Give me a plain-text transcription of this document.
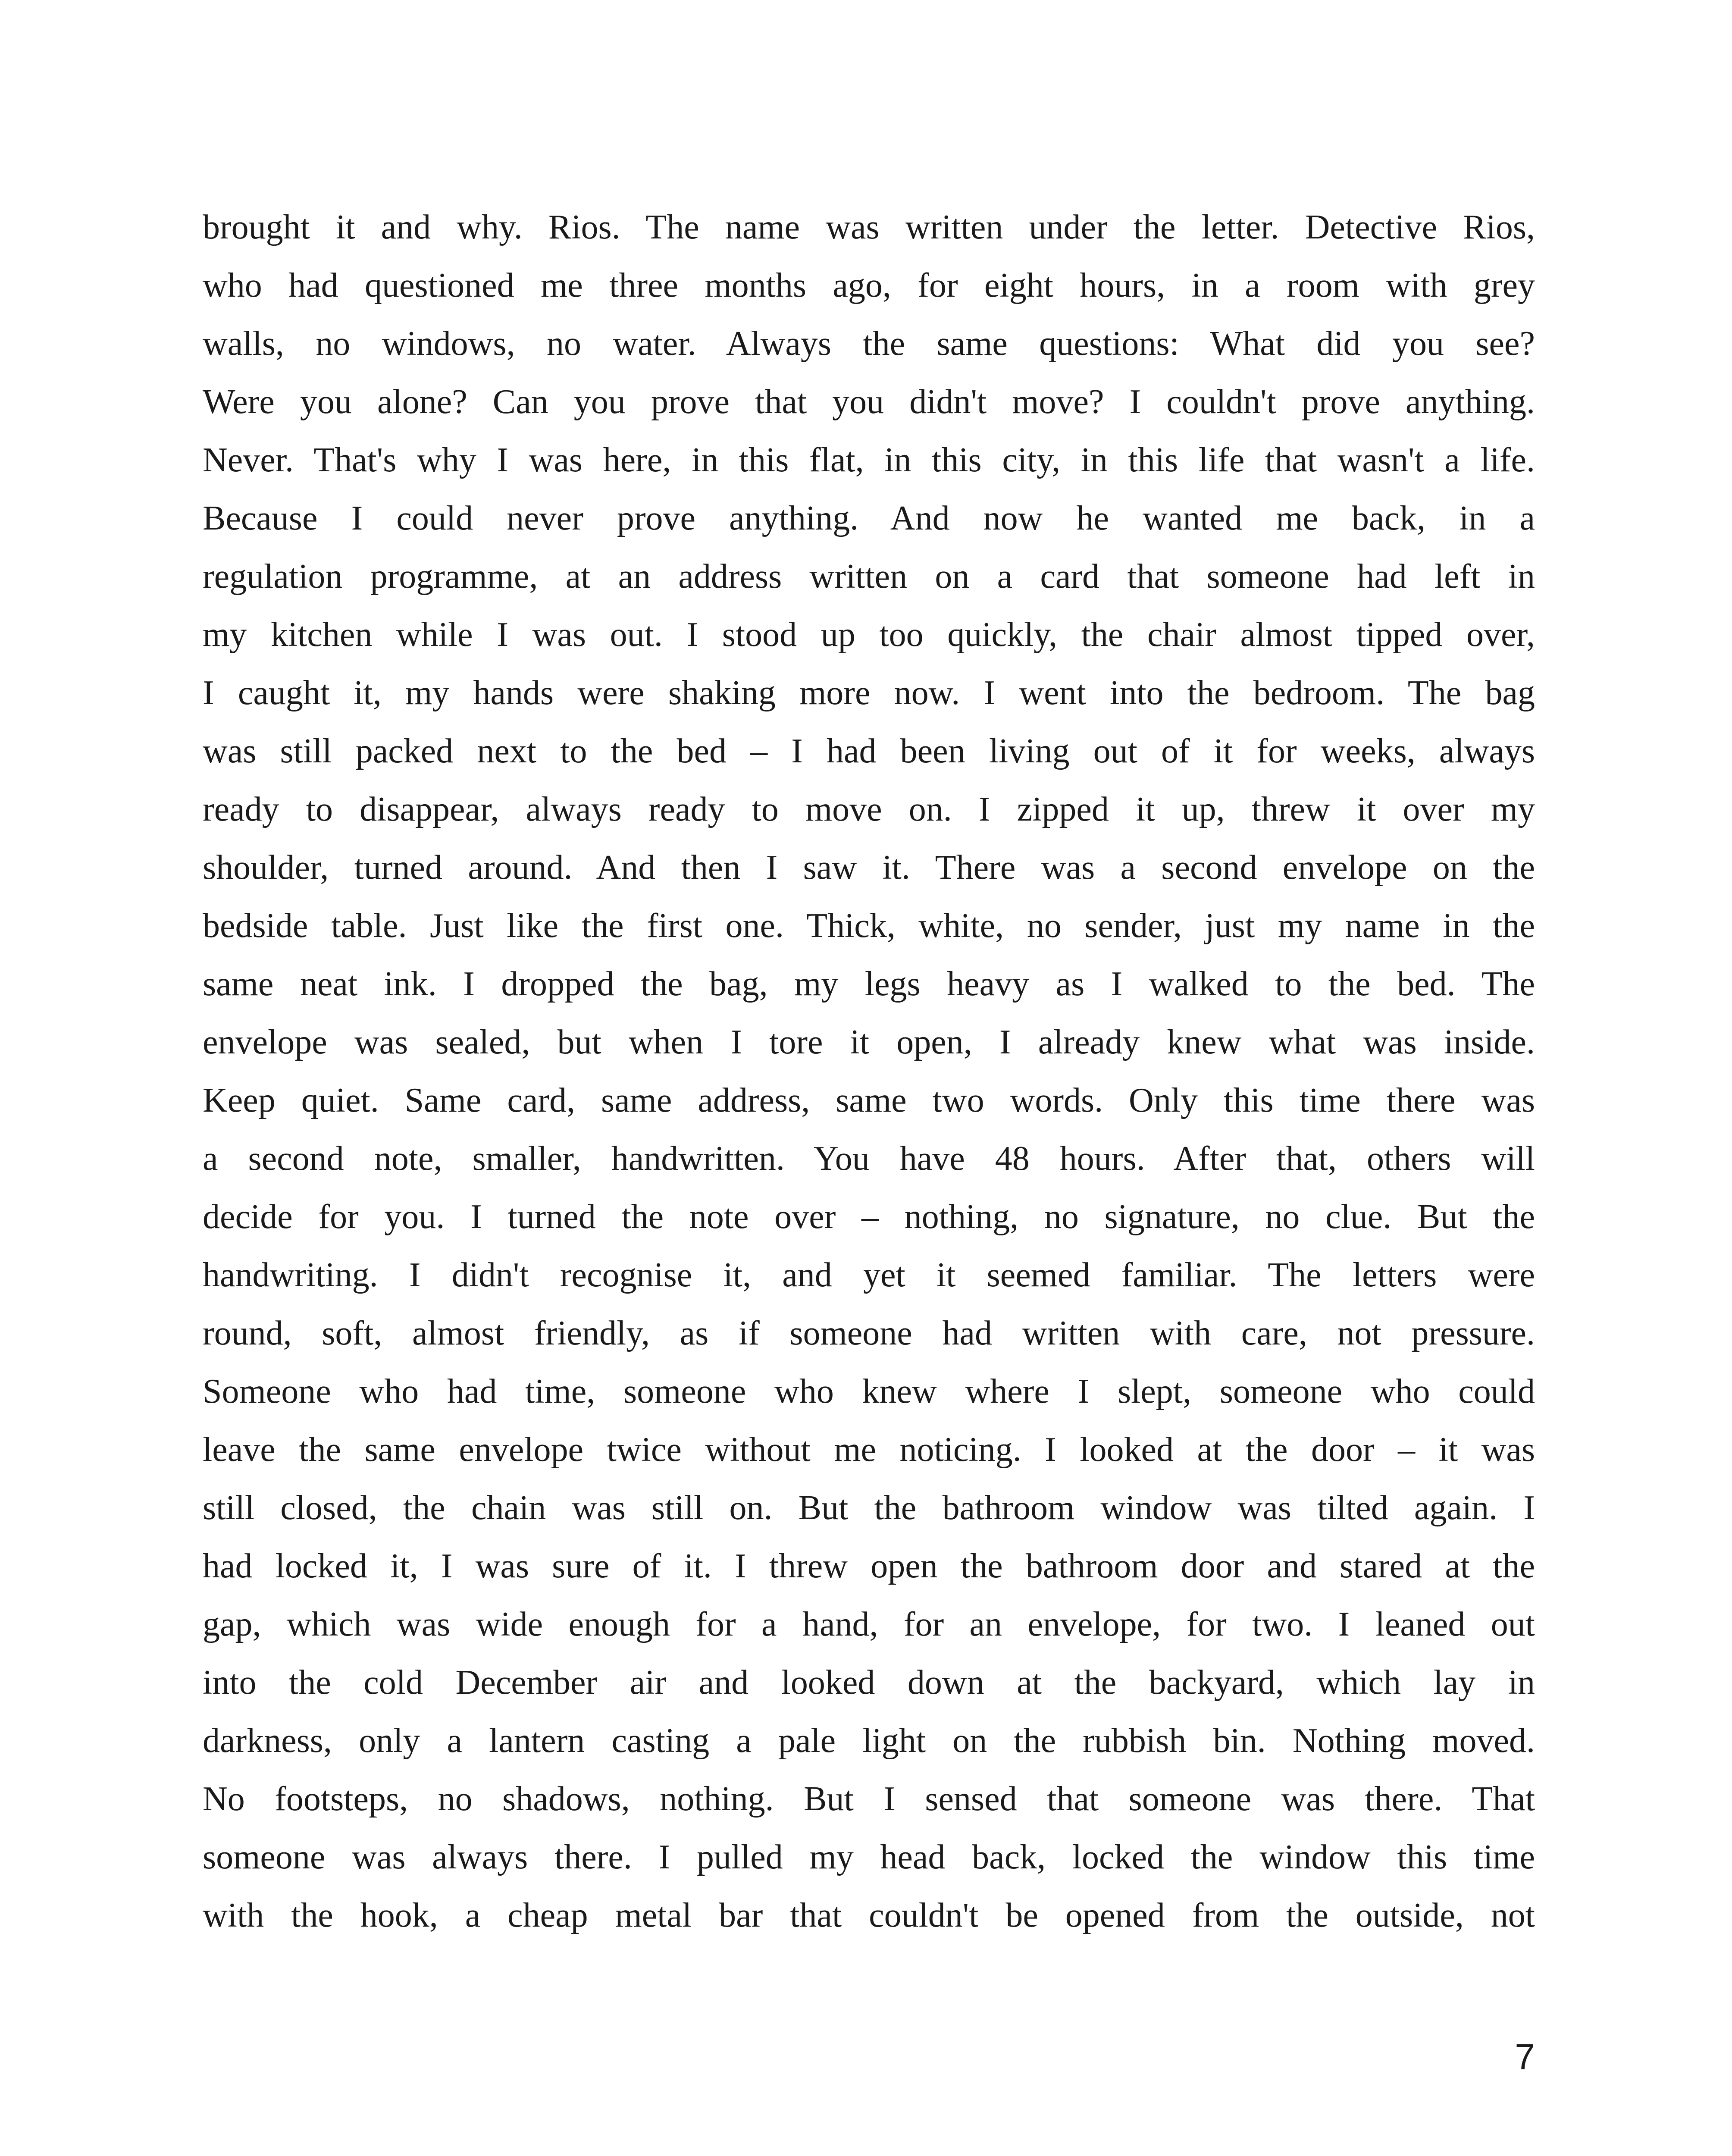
brought it and why. Rios. The name was written under the letter. Detective Rios,
who had questioned me three months ago, for eight hours, in a room with grey
walls, no windows, no water. Always the same questions: What did you see?
Were you alone? Can you prove that you didn't move? I couldn't prove anything.
Never. That's why I was here, in this flat, in this city, in this life that wasn't a life.
Because I could never prove anything. And now he wanted me back, in a
regulation programme, at an address written on a card that someone had left in
my kitchen while I was out. I stood up too quickly, the chair almost tipped over,
I caught it, my hands were shaking more now. I went into the bedroom. The bag
was still packed next to the bed – I had been living out of it for weeks, always
ready to disappear, always ready to move on. I zipped it up, threw it over my
shoulder, turned around. And then I saw it. There was a second envelope on the
bedside table. Just like the first one. Thick, white, no sender, just my name in the
same neat ink. I dropped the bag, my legs heavy as I walked to the bed. The
envelope was sealed, but when I tore it open, I already knew what was inside.
Keep quiet. Same card, same address, same two words. Only this time there was
a second note, smaller, handwritten. You have 48 hours. After that, others will
decide for you. I turned the note over – nothing, no signature, no clue. But the
handwriting. I didn't recognise it, and yet it seemed familiar. The letters were
round, soft, almost friendly, as if someone had written with care, not pressure.
Someone who had time, someone who knew where I slept, someone who could
leave the same envelope twice without me noticing. I looked at the door – it was
still closed, the chain was still on. But the bathroom window was tilted again. I
had locked it, I was sure of it. I threw open the bathroom door and stared at the
gap, which was wide enough for a hand, for an envelope, for two. I leaned out
into the cold December air and looked down at the backyard, which lay in
darkness, only a lantern casting a pale light on the rubbish bin. Nothing moved.
No footsteps, no shadows, nothing. But I sensed that someone was there. That
someone was always there. I pulled my head back, locked the window this time
with the hook, a cheap metal bar that couldn't be opened from the outside, not
7
